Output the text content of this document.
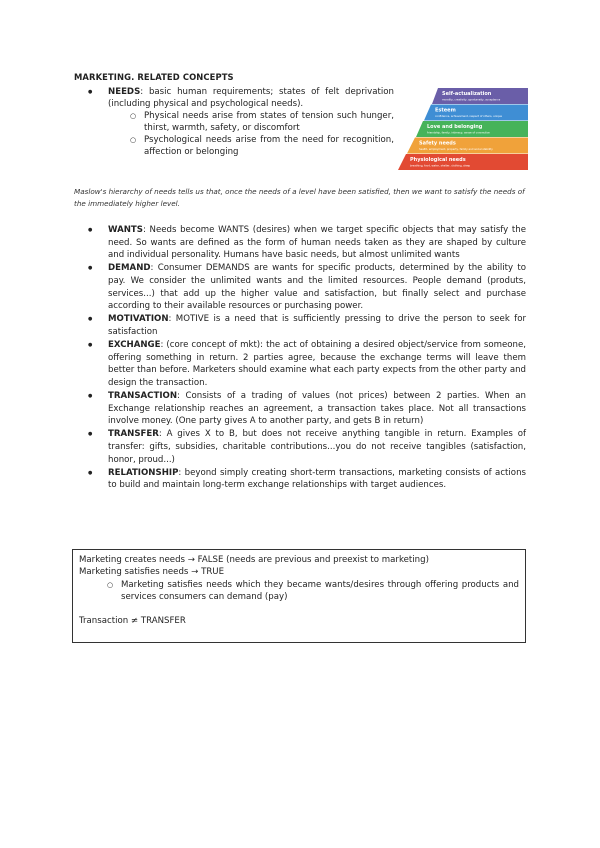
MARKETING. RELATED CONCEPTS
● NEEDS: basic human requirements; states of felt deprivation (including physical and psychological needs).
○ Physical needs arise from states of tension such hunger, thirst, warmth, safety, or discomfort
○ Psychological needs arise from the need for recognition, affection or belonging
Self-actualization
morality, creativity, spontaneity, acceptance
Esteem
confidence, achievement, respect of others, unique
Love and belonging
friendship, family, intimacy, sense of connection
Safety needs
health, employment, property, family and social stability
Physiological needs
breathing, food, water, shelter, clothing, sleep
Maslow's hierarchy of needs tells us that, once the needs of a level have been satisfied, then we want to satisfy the needs of the immediately higher level.
● WANTS: Needs become WANTS (desires) when we target specific objects that may satisfy the need. So wants are defined as the form of human needs taken as they are shaped by culture and individual personality. Humans have basic needs, but almost unlimited wants
● DEMAND: Consumer DEMANDS are wants for specific products, determined by the ability to pay. We consider the unlimited wants and the limited resources. People demand (produts, services...) that add up the higher value and satisfaction, but finally select and purchase according to their available resources or purchasing power.
● MOTIVATION: MOTIVE is a need that is sufficiently pressing to drive the person to seek for satisfaction
● EXCHANGE: (core concept of mkt): the act of obtaining a desired object/service from someone, offering something in return. 2 parties agree, because the exchange terms will leave them better than before. Marketers should examine what each party expects from the other party and design the transaction.
● TRANSACTION: Consists of a trading of values (not prices) between 2 parties. When an Exchange relationship reaches an agreement, a transaction takes place. Not all transactions involve money. (One party gives A to another party, and gets B in return)
● TRANSFER: A gives X to B, but does not receive anything tangible in return. Examples of transfer: gifts, subsidies, charitable contributions...you do not receive tangibles (satisfaction, honor, proud...)
● RELATIONSHIP: beyond simply creating short-term transactions, marketing consists of actions to build and maintain long-term exchange relationships with target audiences.
Marketing creates needs → FALSE (needs are previous and preexist to marketing)
Marketing satisfies needs → TRUE
○ Marketing satisfies needs which they became wants/desires through offering products and services consumers can demand (pay)
Transaction ≠ TRANSFER
